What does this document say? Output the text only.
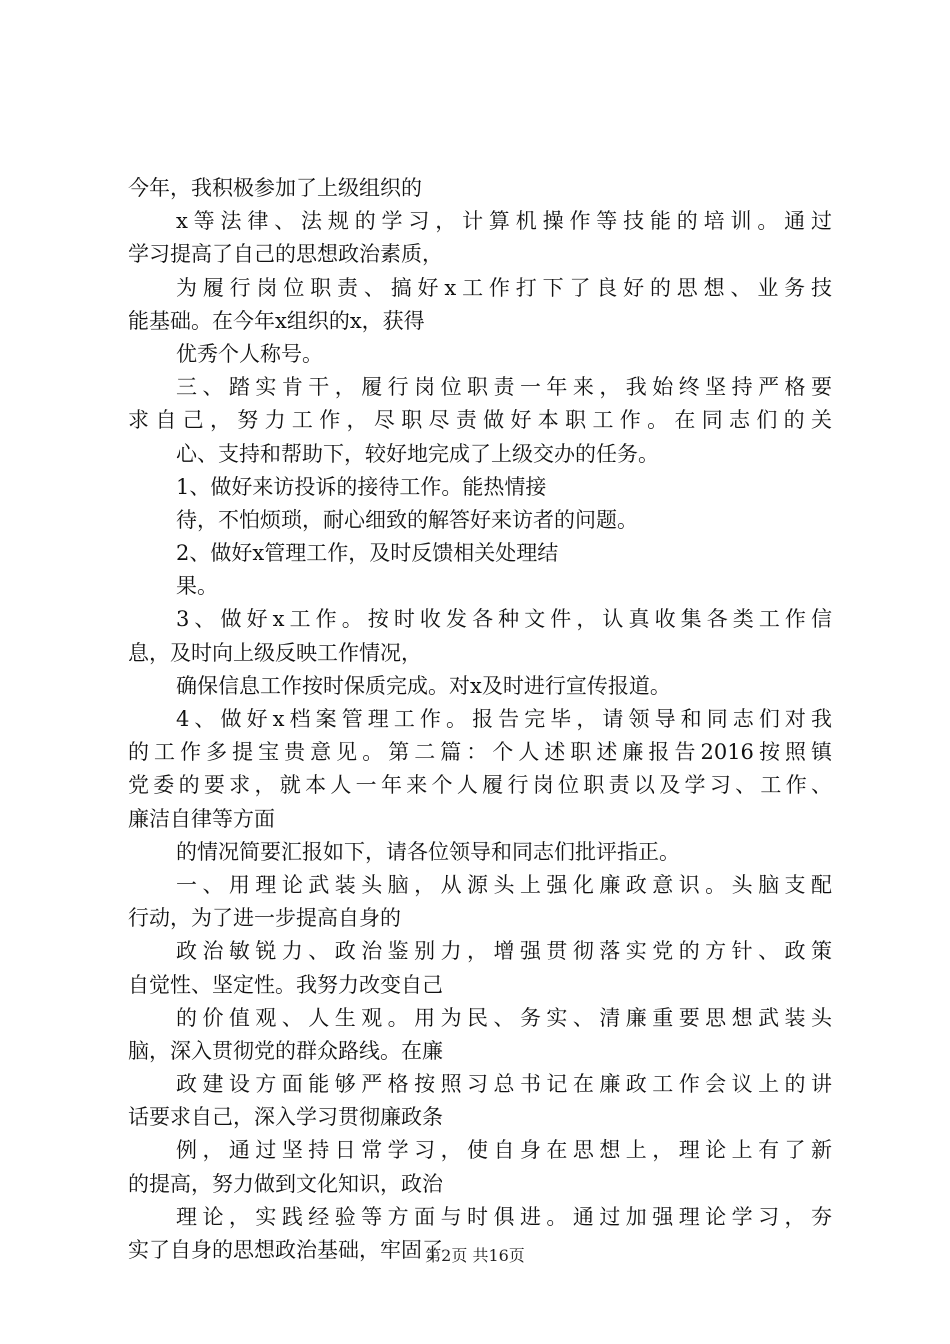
今年，我积极参加了上级组织的
x等法律、法规的学习，计算机操作等技能的培训。通过
学习提高了自己的思想政治素质，
为履行岗位职责、搞好x工作打下了良好的思想、业务技
能基础。在今年x组织的x，获得
优秀个人称号。
三、踏实肯干，履行岗位职责一年来，我始终坚持严格要
求自己，努力工作，尽职尽责做好本职工作。在同志们的关
心、支持和帮助下，较好地完成了上级交办的任务。
1、做好来访投诉的接待工作。能热情接
待，不怕烦琐，耐心细致的解答好来访者的问题。
2、做好x管理工作，及时反馈相关处理结
果。
3、做好x工作。按时收发各种文件，认真收集各类工作信
息，及时向上级反映工作情况，
确保信息工作按时保质完成。对x及时进行宣传报道。
4、做好x档案管理工作。报告完毕，请领导和同志们对我
的工作多提宝贵意见。第二篇：个人述职述廉报告2016按照镇
党委的要求，就本人一年来个人履行岗位职责以及学习、工作、
廉洁自律等方面
的情况简要汇报如下，请各位领导和同志们批评指正。
一、用理论武装头脑，从源头上强化廉政意识。头脑支配
行动，为了进一步提高自身的
政治敏锐力、政治鉴别力，增强贯彻落实党的方针、政策
自觉性、坚定性。我努力改变自己
的价值观、人生观。用为民、务实、清廉重要思想武装头
脑，深入贯彻党的群众路线。在廉
政建设方面能够严格按照习总书记在廉政工作会议上的讲
话要求自己，深入学习贯彻廉政条
例，通过坚持日常学习，使自身在思想上，理论上有了新
的提高，努力做到文化知识，政治
理论，实践经验等方面与时俱进。通过加强理论学习，夯
实了自身的思想政治基础，牢固了
第2页 共16页
